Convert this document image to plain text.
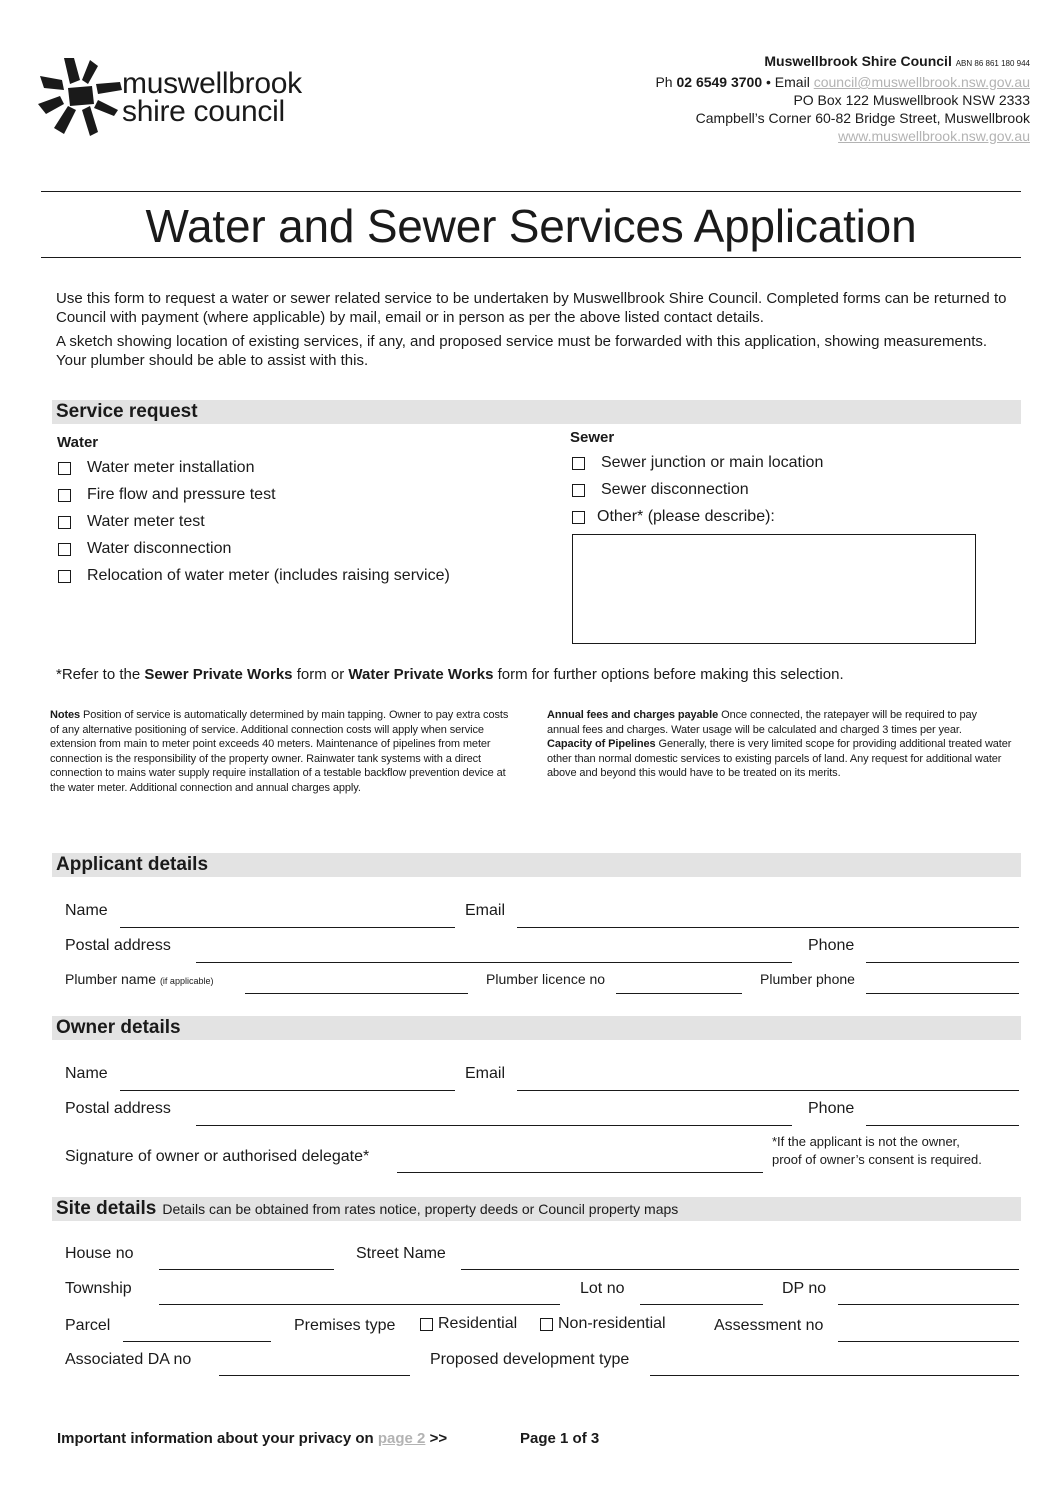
muswellbrook
shire council
Muswellbrook Shire Council ABN 86 861 180 944
Ph 02 6549 3700 • Email council@muswellbrook.nsw.gov.au
PO Box 122 Muswellbrook NSW 2333
Campbell’s Corner 60-82 Bridge Street, Muswellbrook
www.muswellbrook.nsw.gov.au
Water and Sewer Services Application
Use this form to request a water or sewer related service to be undertaken by Muswellbrook Shire Council. Completed forms can be returned to Council with payment (where applicable) by mail, email or in person as per the above listed contact details.
A sketch showing location of existing services, if any, and proposed service must be forwarded with this application, showing measurements. Your plumber should be able to assist with this.
Service request
Water
Water meter installation
Fire flow and pressure test
Water meter test
Water disconnection
Relocation of water meter (includes raising service)
Sewer
Sewer junction or main location
Sewer disconnection
Other* (please describe):
*Refer to the Sewer Private Works form or Water Private Works form for further options before making this selection.
Notes Position of service is automatically determined by main tapping. Owner to pay extra costs of any alternative positioning of service. Additional connection costs will apply when service extension from main to meter point exceeds 40 meters. Maintenance of pipelines from meter connection is the responsibility of the property owner. Rainwater tank systems with a direct connection to mains water supply require installation of a testable backflow prevention device at the water meter. Additional connection and annual charges apply.
Annual fees and charges payable Once connected, the ratepayer will be required to pay annual fees and charges. Water usage will be calculated and charged 3 times per year.
Capacity of Pipelines Generally, there is very limited scope for providing additional treated water other than normal domestic services to existing parcels of land. Any request for additional water above and beyond this would have to be treated on its merits.
Applicant details
Name	Email
Postal address	Phone
Plumber name (if applicable)	Plumber licence no	Plumber phone
Owner details
Name	Email
Postal address	Phone
Signature of owner or authorised delegate*
*If the applicant is not the owner,
proof of owner’s consent is required.
Site details Details can be obtained from rates notice, property deeds or Council property maps
House no	Street Name
Township	Lot no	DP no
Parcel	Premises type	Residential	Non-residential	Assessment no
Associated DA no	Proposed development type
Important information about your privacy on page 2 >>	Page 1 of 3
